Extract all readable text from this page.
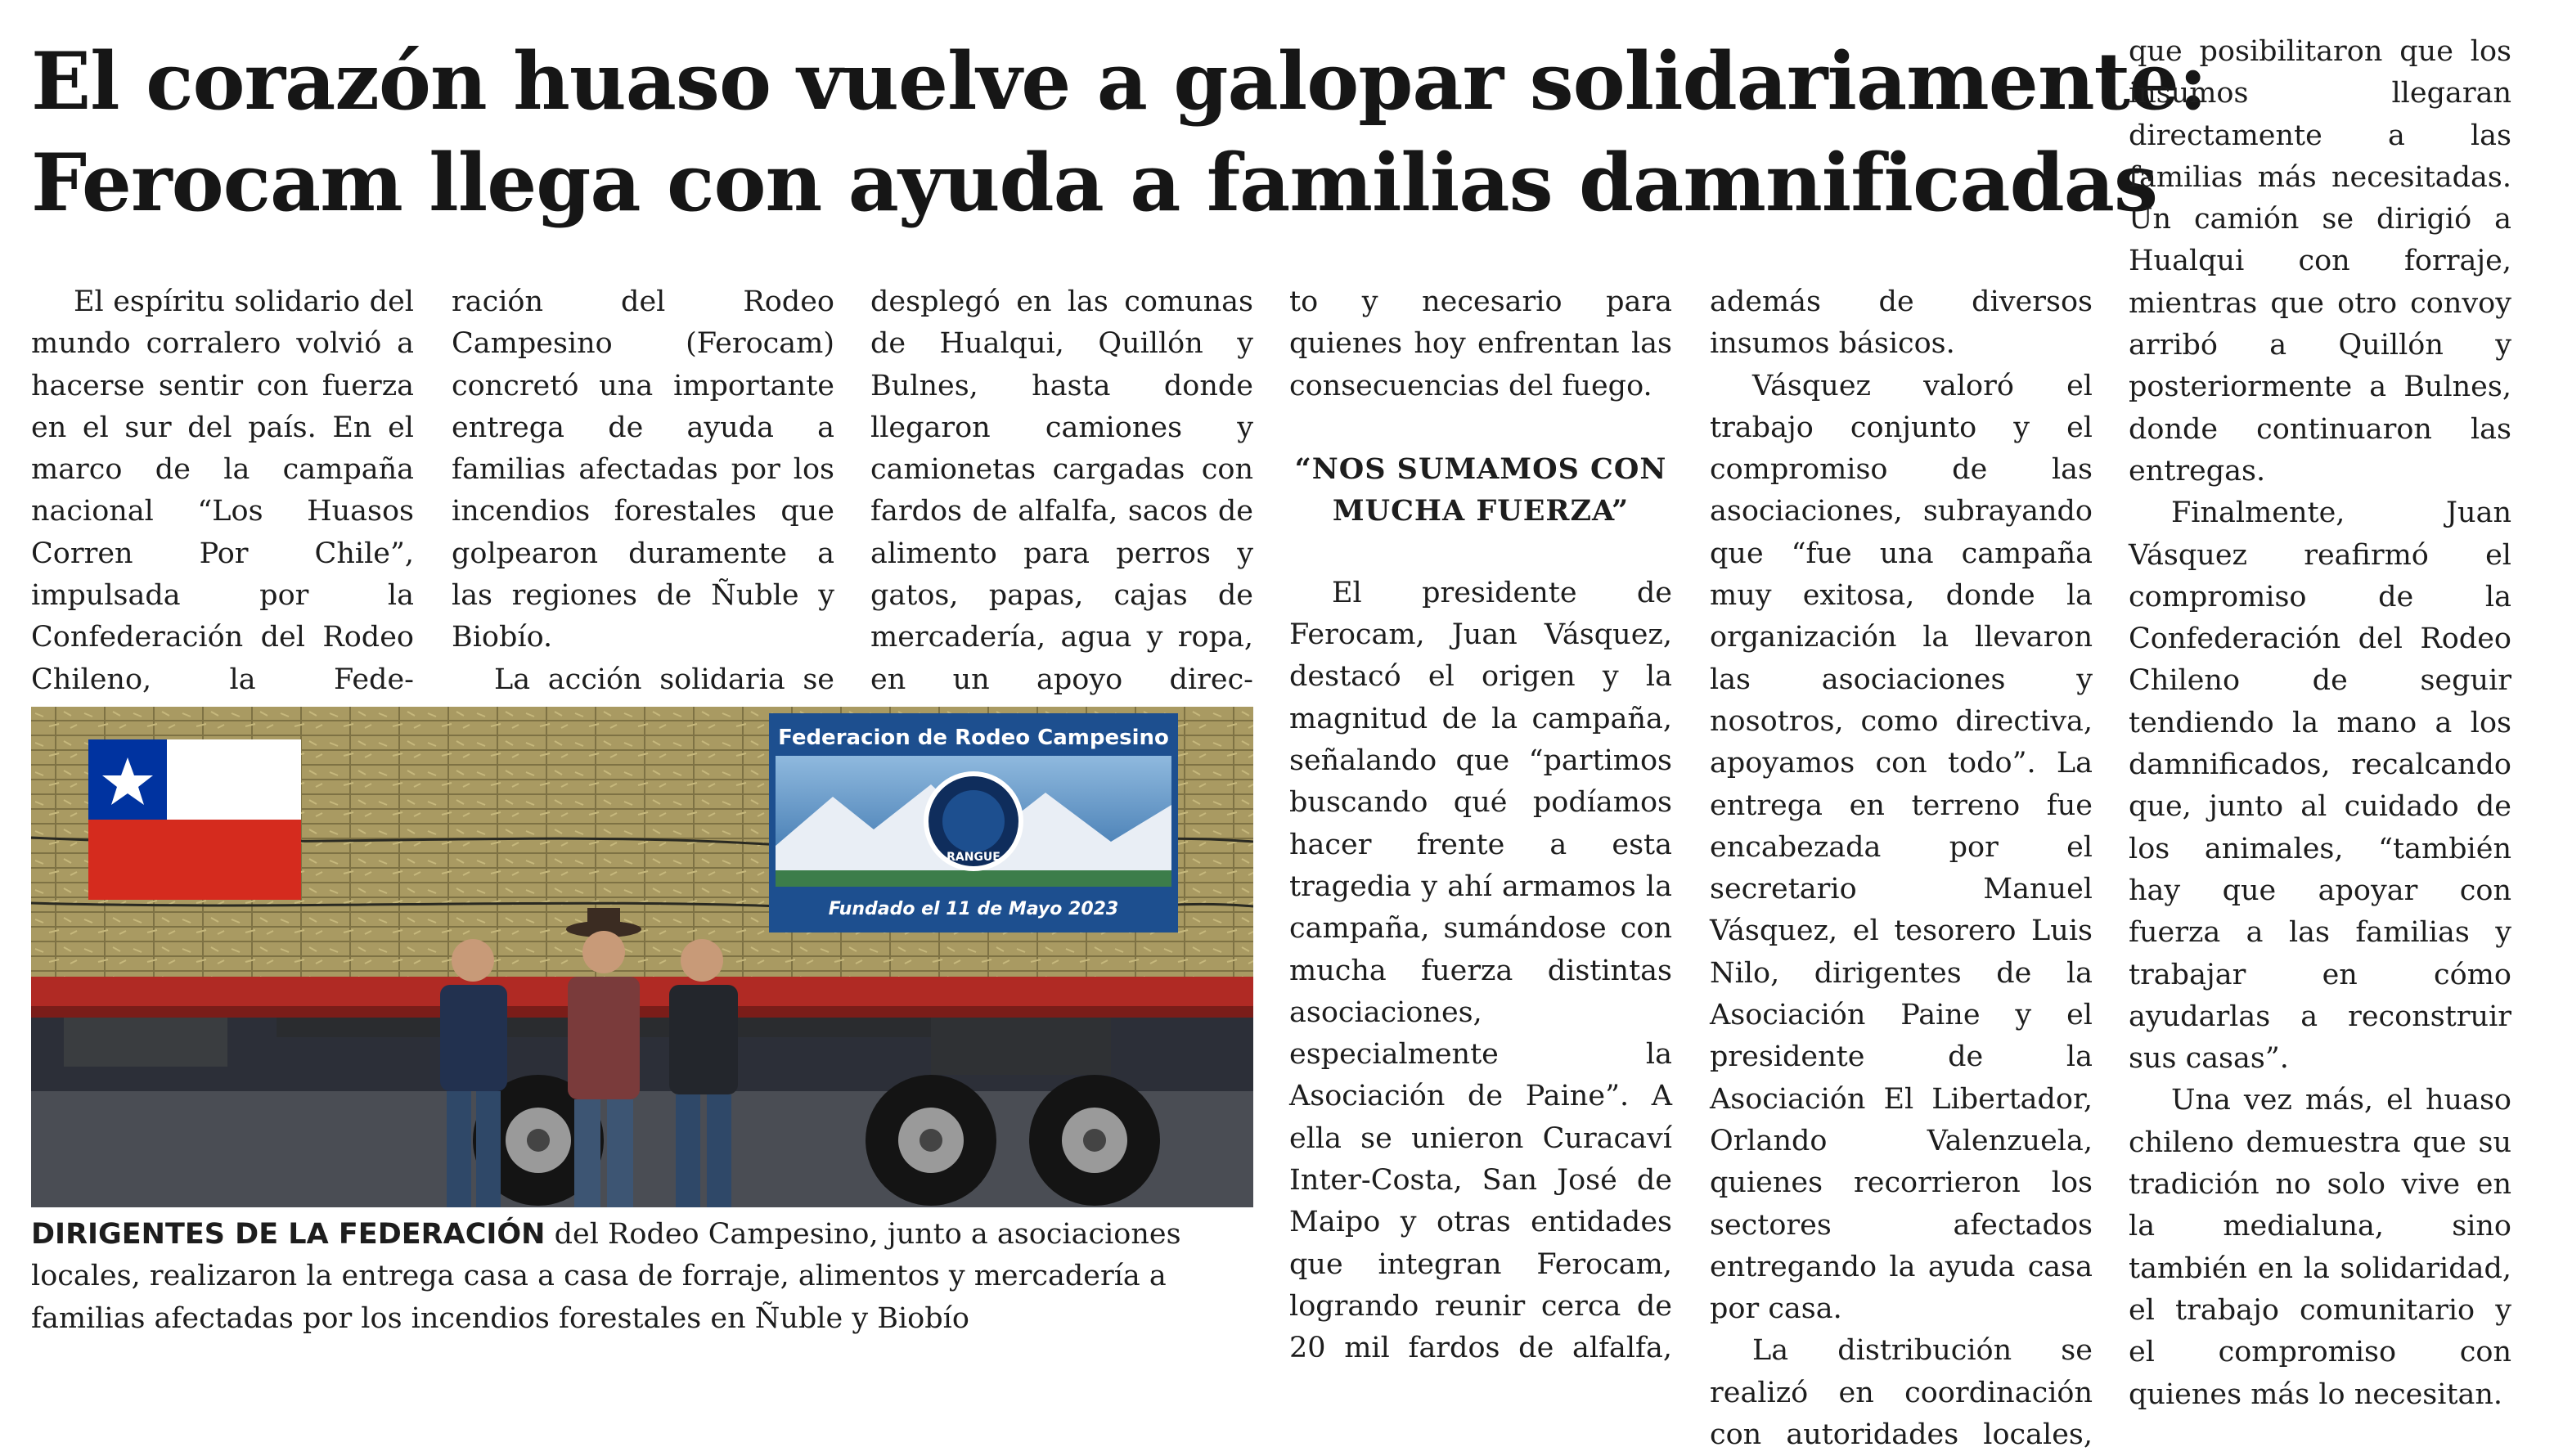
El corazón huaso vuelve a galopar solidariamente:
Ferocam llega con ayuda a familias damnificadas

El espíritu solidario del mundo corralero volvió a hacerse sentir con fuerza en el sur del país. En el marco de la campaña nacional “Los Huasos Corren Por Chile”, impulsada por la Confederación del Rodeo Chileno, la Fede-

ración del Rodeo Campesino (Ferocam) concretó una importante entrega de ayuda a familias afectadas por los incendios forestales que golpearon duramente a las regiones de Ñuble y Biobío.

La acción solidaria se

desplegó en las comunas de Hualqui, Quillón y Bulnes, hasta donde llegaron camiones y camionetas cargadas con fardos de alfalfa, sacos de alimento para perros y gatos, papas, cajas de mercadería, agua y ropa, en un apoyo direc-

to y necesario para quienes hoy enfrentan las consecuencias del fuego.

“NOS SUMAMOS CON MUCHA FUERZA”

El presidente de Ferocam, Juan Vásquez, destacó el origen y la magnitud de la campaña, señalando que “partimos buscando qué podíamos hacer frente a esta tragedia y ahí armamos la campaña, sumándose con mucha fuerza distintas asociaciones, especialmente la Asociación de Paine”. A ella se unieron Curacaví Inter-Costa, San José de Maipo y otras entidades que integran Ferocam, logrando reunir cerca de 20 mil fardos de alfalfa,

además de diversos insumos básicos.

Vásquez valoró el trabajo conjunto y el compromiso de las asociaciones, subrayando que “fue una campaña muy exitosa, donde la organización la llevaron las asociaciones y nosotros, como directiva, apoyamos con todo”. La entrega en terreno fue encabezada por el secretario Manuel Vásquez, el tesorero Luis Nilo, dirigentes de la Asociación Paine y el presidente de la Asociación El Libertador, Orlando Valenzuela, quienes recorrieron los sectores afectados entregando la ayuda casa por casa.

La distribución se realizó en coordinación con autoridades locales,

que posibilitaron que los insumos llegaran directamente a las familias más necesitadas. Un camión se dirigió a Hualqui con forraje, mientras que otro convoy arribó a Quillón y posteriormente a Bulnes, donde continuaron las entregas.

Finalmente, Juan Vásquez reafirmó el compromiso de la Confederación del Rodeo Chileno de seguir tendiendo la mano a los damnificados, recalcando que, junto al cuidado de los animales, “también hay que apoyar con fuerza a las familias y trabajar en cómo ayudarlas a reconstruir sus casas”.

Una vez más, el huaso chileno demuestra que su tradición no solo vive en la medialuna, sino también en la solidaridad, el trabajo comunitario y el compromiso con quienes más lo necesitan.

RANGUE
Federacion de Rodeo Campesino
Fundado el 11 de Mayo 2023
DIRIGENTES DE LA FEDERACIÓN del Rodeo Campesino, junto a asociaciones locales, realizaron la entrega casa a casa de forraje, alimentos y mercadería a familias afectadas por los incendios forestales en Ñuble y Biobío
